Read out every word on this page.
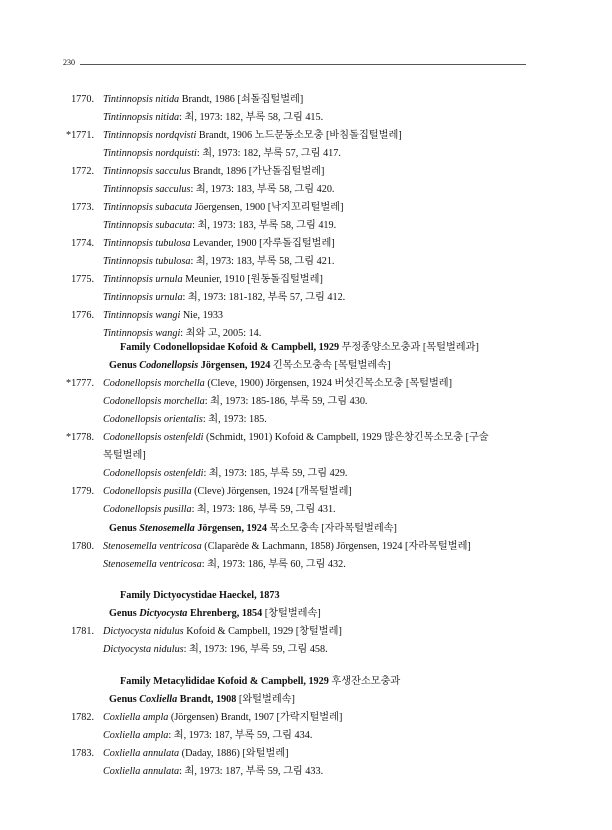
230
1770. Tintinnopsis nitida Brandt, 1986 [쇠돌집털벌레]
Tintinnopsis nitida: 최, 1973: 182, 부록 58, 그림 415.
*1771. Tintinnopsis nordqvisti Brandt, 1906 노드문동소모충 [바침돌집털벌레]
Tintinnopsis nordquisti: 최, 1973: 182, 부록 57, 그림 417.
1772. Tintinnopsis sacculus Brandt, 1896 [가난돌집털벌레]
Tintinnopsis sacculus: 최, 1973: 183, 부록 58, 그림 420.
1773. Tintinnopsis subacuta Jöergensen, 1900 [낙지꼬리털벌레]
Tintinnopsis subacuta: 최, 1973: 183, 부록 58, 그림 419.
1774. Tintinnopsis tubulosa Levander, 1900 [자루돌집털벌레]
Tintinnopsis tubulosa: 최, 1973: 183, 부록 58, 그림 421.
1775. Tintinnopsis urnula Meunier, 1910 [원동돌집털벌레]
Tintinnopsis urnula: 최, 1973: 181-182, 부록 57, 그림 412.
1776. Tintinnopsis wangi Nie, 1933
Tintinnopsis wangi: 최와 고, 2005: 14.
Family Codonellopsidae Kofoid & Campbell, 1929 무정종양소모충과 [목털벌레과]
Genus Codonellopsis Jörgensen, 1924 긴목소모충속 [목털벌레속]
*1777. Codonellopsis morchella (Cleve, 1900) Jörgensen, 1924 버섯긴목소모충 [목털벌레]
Codonellopsis morchella: 최, 1973: 185-186, 부록 59, 그림 430.
Codonellopsis orientalis: 최, 1973: 185.
*1778. Codonellopsis ostenfeldi (Schmidt, 1901) Kofoid & Campbell, 1929 많은창긴목소모충 [구술
목털벌레]
Codonellopsis ostenfeldi: 최, 1973: 185, 부록 59, 그림 429.
1779. Codonellopsis pusilla (Cleve) Jörgensen, 1924 [개목털벌레]
Codonellopsis pusilla: 최, 1973: 186, 부록 59, 그림 431.
Genus Stenosemella Jörgensen, 1924 목소모충속 [자라목털벌레속]
1780. Stenosemella ventricosa (Claparède & Lachmann, 1858) Jörgensen, 1924 [자라목털벌레]
Stenosemella ventricosa: 최, 1973: 186, 부록 60, 그림 432.
Family Dictyocystidae Haeckel, 1873
Genus Dictyocysta Ehrenberg, 1854 [창털벌레속]
1781. Dictyocysta nidulus Kofoid & Campbell, 1929 [창털벌레]
Dictyocysta nidulus: 최, 1973: 196, 부록 59, 그림 458.
Family Metacylididae Kofoid & Campbell, 1929 후생잔소모충과
Genus Coxliella Brandt, 1908 [와털벌레속]
1782. Coxliella ampla (Jörgensen) Brandt, 1907 [가락지털벌레]
Coxliella ampla: 최, 1973: 187, 부록 59, 그림 434.
1783. Coxliella annulata (Daday, 1886) [와털벌레]
Coxliella annulata: 최, 1973: 187, 부록 59, 그림 433.
